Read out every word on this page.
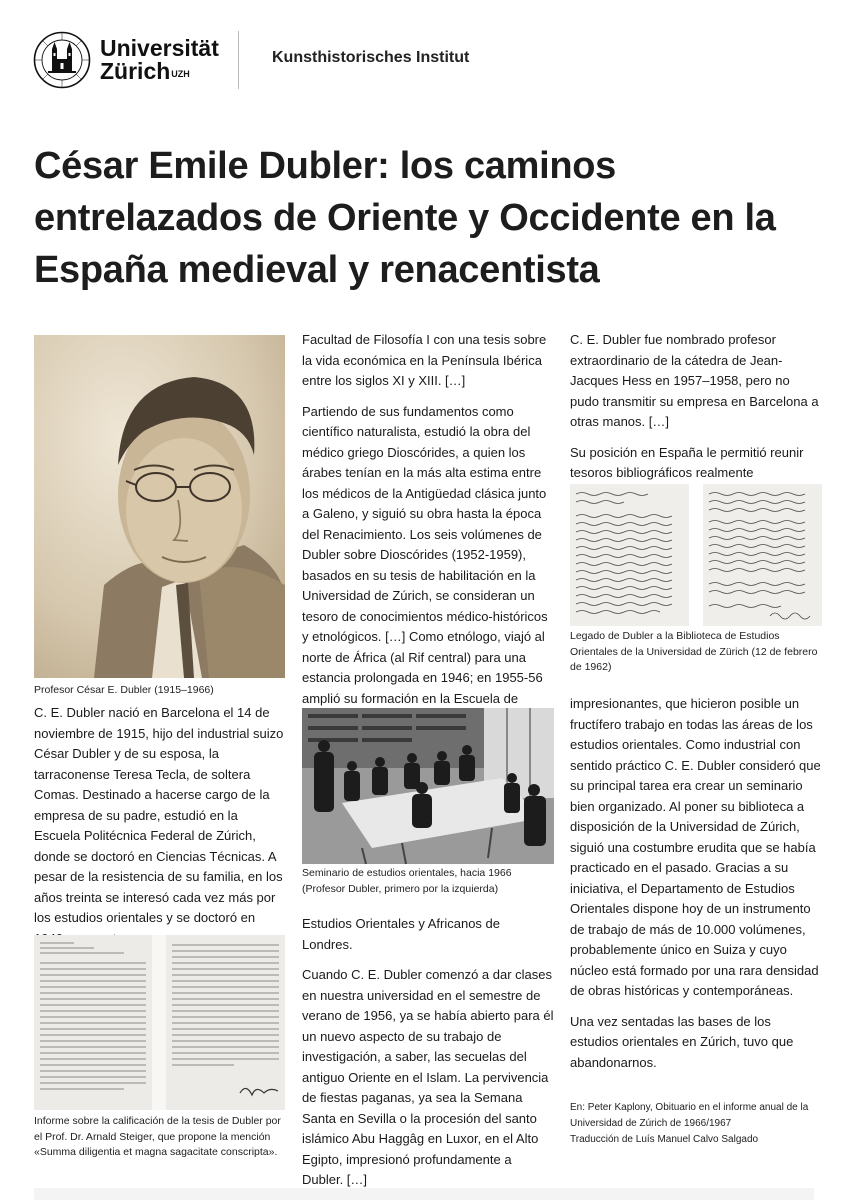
Universität
Zürich$^{UZH}$
Kunsthistorisches Institut
César Emile Dubler: los caminos entrelazados de Oriente y Occidente en la España medieval y renacentista
Profesor César E. Dubler (1915–1966)

C. E. Dubler nació en Barcelona el 14 de noviembre de 1915, hijo del industrial suizo César Dubler y de su esposa, la tarraconense Teresa Tecla, de soltera Comas. Destinado a hacerse cargo de la empresa de su padre, estudió en la Escuela Politécnica Federal de Zúrich, donde se doctoró en Ciencias Técnicas. A pesar de la resistencia de su familia, en los años treinta se interesó cada vez más por los estudios orientales y se doctoró en

Informe sobre la calificación de la tesis de Dubler por el Prof. Dr. Arnald Steiger, que propone la mención «Summa diligentia et magna sagacitate conscripta».

Facultad de Filosofía I con una tesis sobre la vida económica en la Península Ibérica entre los siglos XI y XIII. […]

Partiendo de sus fundamentos como científico naturalista, estudió la obra del médico griego Dioscórides, a quien los árabes tenían en la más alta estima entre los médicos de la Antigüedad clásica junto a Galeno, y siguió su obra hasta la época del Renacimiento. Los seis volúmenes de Dubler sobre Dioscórides (1952-1959), basados en su tesis de habilitación en la Universidad de Zúrich, se consideran un tesoro de conocimientos médico-históricos y etnológicos. […] Como etnólogo, viajó al norte de África (al Rif central) para una estancia prolongada en 1946; en 1955-56 amplió su formación en la Escuela de

Seminario de estudios orientales, hacia 1966 (Profesor Dubler, primero por la izquierda)

Estudios Orientales y Africanos de Londres.

Cuando C. E. Dubler comenzó a dar clases en nuestra universidad en el semestre de verano de 1956, ya se había abierto para él un nuevo aspecto de su trabajo de investigación, a saber, las secuelas del antiguo Oriente en el Islam. La pervivencia de fiestas paganas, ya sea la Semana Santa en Sevilla o la procesión del santo islámico Abu Haggâg en Luxor, en el Alto Egipto, impresionó profundamente a Dubler. […]

C. E. Dubler fue nombrado profesor extraordinario de la cátedra de Jean-Jacques Hess en 1957–1958, pero no pudo transmitir su empresa en Barcelona a otras manos. […]

Su posición en España le permitió reunir tesoros bibliográficos realmente

Legado de Dubler a la Biblioteca de Estudios Orientales de la Universidad de Zürich (12 de febrero de 1962)

impresionantes, que hicieron posible un fructífero trabajo en todas las áreas de los estudios orientales. Como industrial con sentido práctico C. E. Dubler consideró que su principal tarea era crear un seminario bien organizado. Al poner su biblioteca a disposición de la Universidad de Zúrich, siguió una costumbre erudita que se había practicado en el pasado. Gracias a su iniciativa, el Departamento de Estudios Orientales dispone hoy de un instrumento de trabajo de más de 10.000 volúmenes, probablemente único en Suiza y cuyo núcleo está formado por una rara densidad de obras históricas y contemporáneas.

Una vez sentadas las bases de los estudios orientales en Zúrich, tuvo que abandonarnos.

En: Peter Kaplony, Obituario en el informe anual de la Universidad de Zúrich de 1966/1967
Traducción de Luís Manuel Calvo Salgado
